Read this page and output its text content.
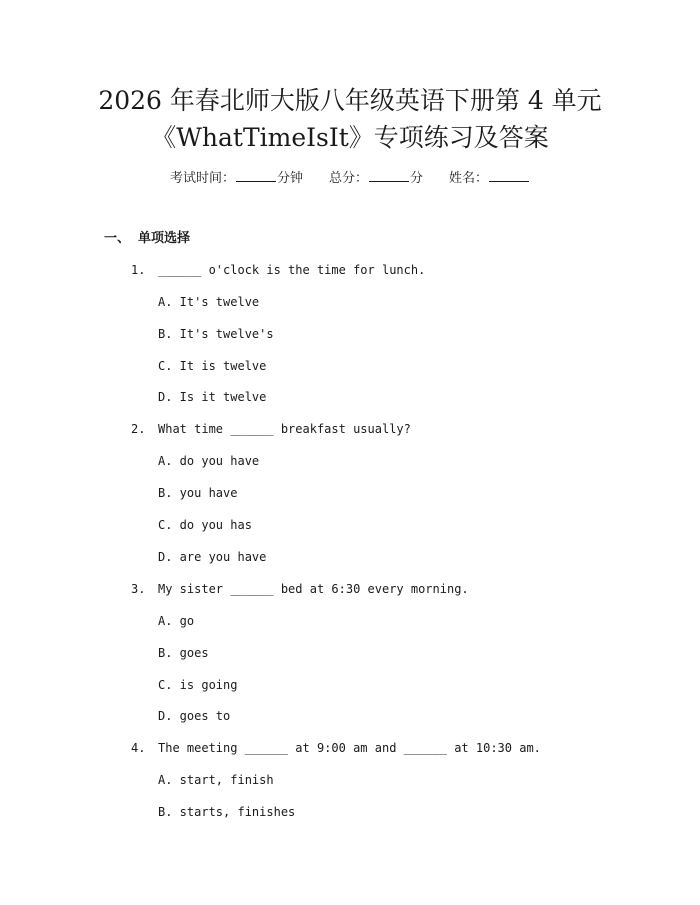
2026 年春北师大版八年级英语下册第 4 单元
《WhatTimeIsIt》专项练习及答案
考试时间：	分钟 总分：	分 姓名：
一、 单项选择
1. ______ o'clock is the time for lunch.
A. It's twelve
B. It's twelve's
C. It is twelve
D. Is it twelve
2. What time ______ breakfast usually?
A. do you have
B. you have
C. do you has
D. are you have
3. My sister ______ bed at 6:30 every morning.
A. go
B. goes
C. is going
D. goes to
4. The meeting ______ at 9:00 am and ______ at 10:30 am.
A. start, finish
B. starts, finishes
